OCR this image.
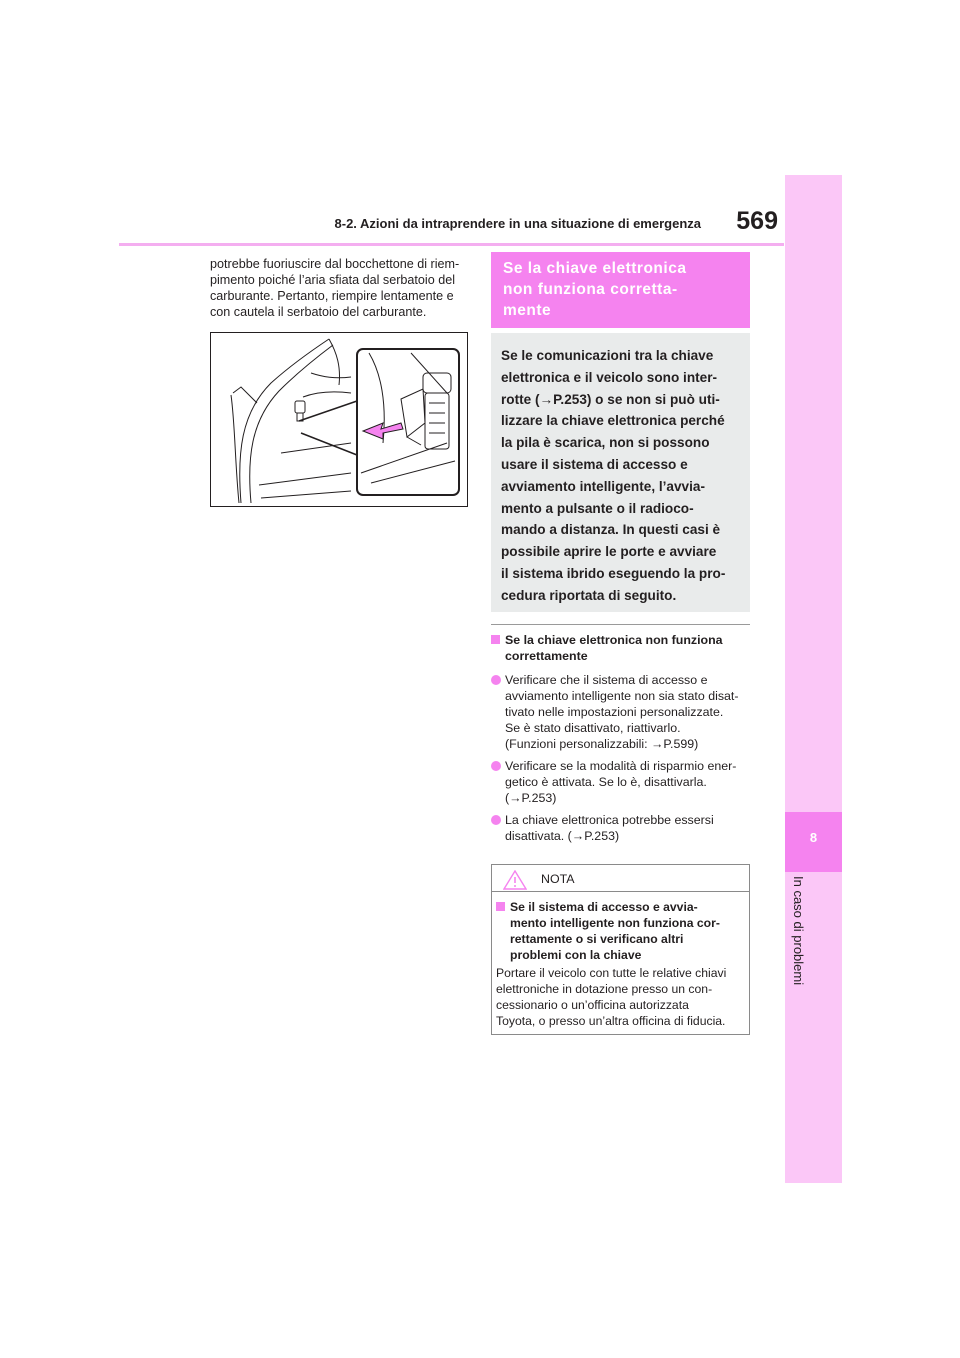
8-2. Azioni da intraprendere in una situazione di emergenza	569
8
In caso di problemi
potrebbe fuoriuscire dal bocchettone di riem-
pimento poiché l’aria sfiata dal serbatoio del
carburante. Pertanto, riempire lentamente e
con cautela il serbatoio del carburante.
Se la chiave elettronica
non funziona corretta-
mente

Se le comunicazioni tra la chiave

elettronica e il veicolo sono inter-

rotte (→P.253) o se non si può uti-

lizzare la chiave elettronica perché

la pila è scarica, non si possono

usare il sistema di accesso e

avviamento intelligente, l’avvia-

mento a pulsante o il radioco-

mando a distanza. In questi casi è

possibile aprire le porte e avviare

il sistema ibrido eseguendo la pro-

cedura riportata di seguito.

Se la chiave elettronica non funziona
correttamente
Verificare che il sistema di accesso e
avviamento intelligente non sia stato disat-
tivato nelle impostazioni personalizzate.
Se è stato disattivato, riattivarlo.
(Funzioni personalizzabili: →P.599)
Verificare se la modalità di risparmio ener-
getico è attivata. Se lo è, disattivarla.
(→P.253)
La chiave elettronica potrebbe essersi
disattivata. (→P.253)
NOTA
Se il sistema di accesso e avvia-
mento intelligente non funziona cor-
rettamente o si verificano altri
problemi con la chiave
Portare il veicolo con tutte le relative chiavi
elettroniche in dotazione presso un con-
cessionario o un’officina autorizzata
Toyota, o presso un’altra officina di fiducia.
